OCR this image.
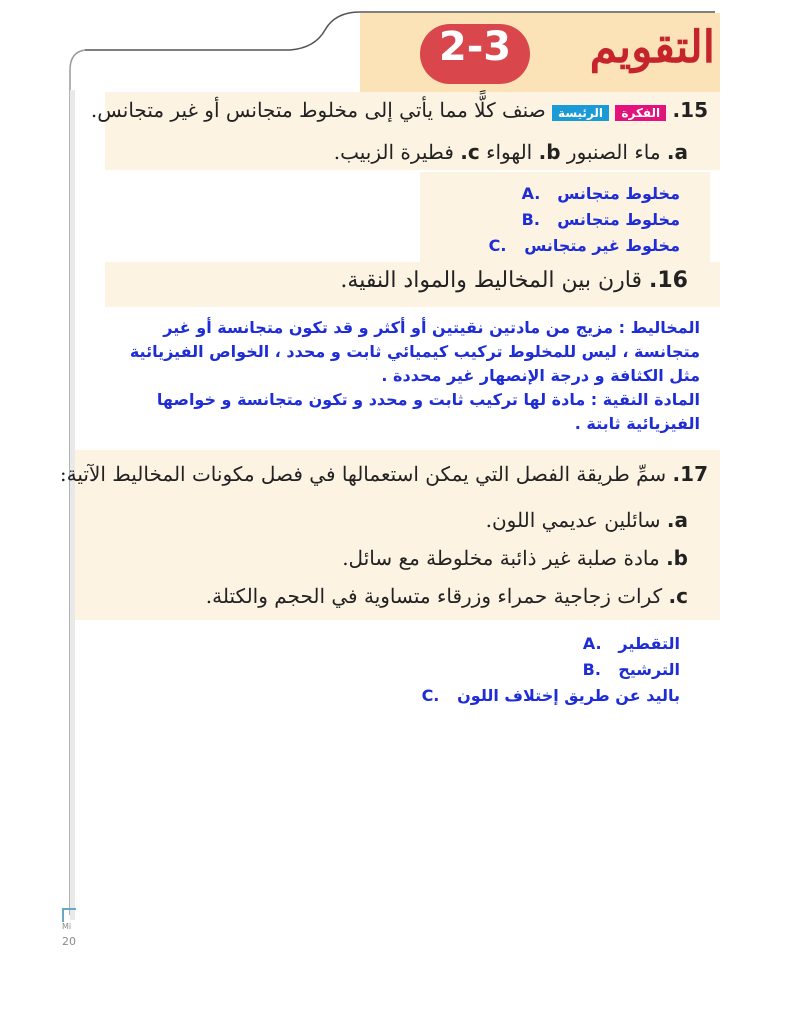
التقويم
2-3
15. الفكرة الرئيسة صنف كلًّا مما يأتي إلى مخلوط متجانس أو غير متجانس.
a. ماء الصنبور b. الهواء c. فطيرة الزبيب.
مخلوط متجانس A.
مخلوط متجانس B.
مخلوط غير متجانس C.
16. قارن بين المخاليط والمواد النقية.
المخاليط : مزيج من مادتين نقيتين أو أكثر و قد تكون متجانسة أو غير
متجانسة ، ليس للمخلوط تركيب كيميائي ثابت و محدد ، الخواص الفيزيائية
مثل الكثافة و درجة الإنصهار غير محددة .
المادة النقية : مادة لها تركيب ثابت و محدد و تكون متجانسة و خواصها
الفيزيائية ثابتة .
17. سمِّ طريقة الفصل التي يمكن استعمالها في فصل مكونات المخاليط الآتية:
a. سائلين عديمي اللون.
b. مادة صلبة غير ذائبة مخلوطة مع سائل.
c. كرات زجاجية حمراء وزرقاء متساوية في الحجم والكتلة.
التقطير A.
الترشيح B.
باليد عن طريق إختلاف اللون C.
Mi
20
